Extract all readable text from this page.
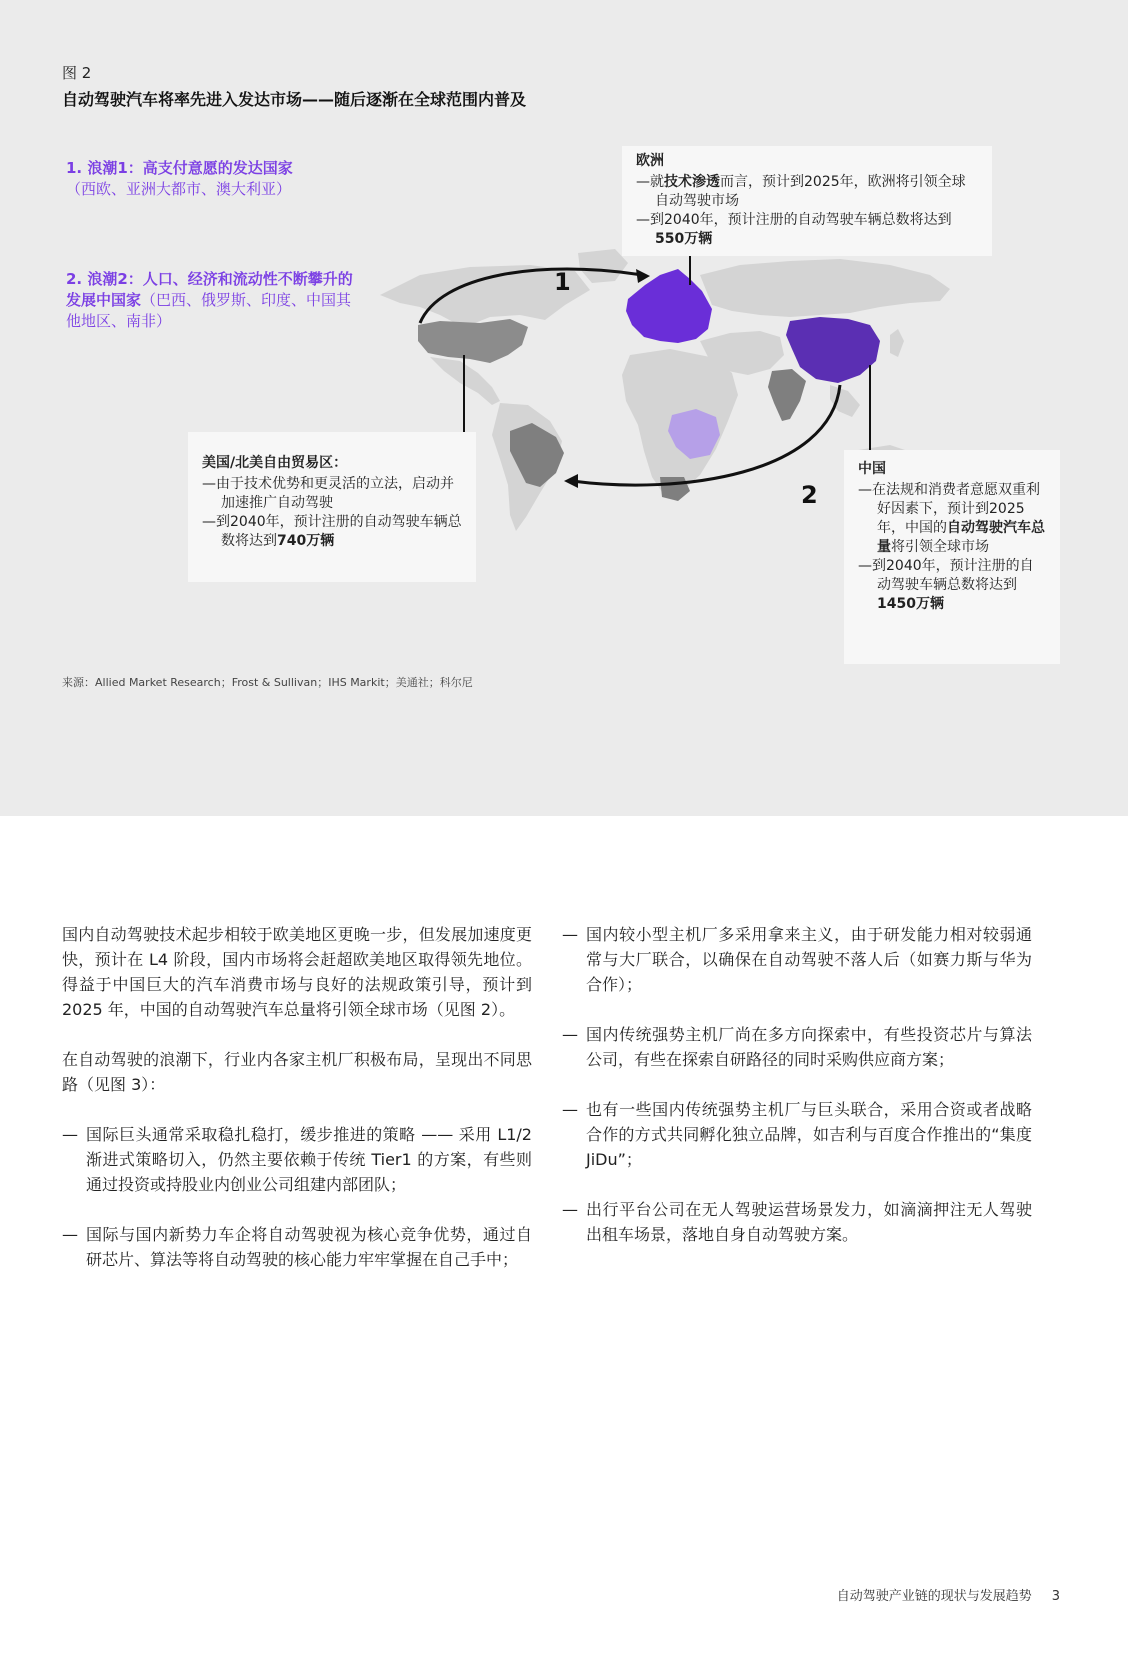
图 2
自动驾驶汽车将率先进入发达市场——随后逐渐在全球范围内普及
1. 浪潮1：高支付意愿的发达国家
（西欧、亚洲大都市、澳大利亚）
2. 浪潮2：人口、经济和流动性不断攀升的发展中国家（巴西、俄罗斯、印度、中国其他地区、南非）
1
2
欧洲
—就技术渗透而言，预计到2025年，欧洲将引领全球自动驾驶市场
—到2040年，预计注册的自动驾驶车辆总数将达到550万辆
美国/北美自由贸易区：
—由于技术优势和更灵活的立法，启动并加速推广自动驾驶
—到2040年，预计注册的自动驾驶车辆总数将达到740万辆
中国
—在法规和消费者意愿双重利好因素下，预计到2025年，中国的自动驾驶汽车总量将引领全球市场
—到2040年，预计注册的自动驾驶车辆总数将达到1450万辆
来源：Allied Market Research；Frost & Sullivan；IHS Markit；美通社；科尔尼

国内自动驾驶技术起步相较于欧美地区更晚一步，但发展加速度更快，预计在 L4 阶段，国内市场将会赶超欧美地区取得领先地位。得益于中国巨大的汽车消费市场与良好的法规政策引导，预计到 2025 年，中国的自动驾驶汽车总量将引领全球市场（见图 2）。

在自动驾驶的浪潮下，行业内各家主机厂积极布局，呈现出不同思路（见图 3）：

— 国际巨头通常采取稳扎稳打，缓步推进的策略 —— 采用 L1/2 渐进式策略切入，仍然主要依赖于传统 Tier1 的方案，有些则通过投资或持股业内创业公司组建内部团队；
— 国际与国内新势力车企将自动驾驶视为核心竞争优势，通过自研芯片、算法等将自动驾驶的核心能力牢牢掌握在自己手中；
— 国内较小型主机厂多采用拿来主义，由于研发能力相对较弱通常与大厂联合，以确保在自动驾驶不落人后（如赛力斯与华为合作）；
— 国内传统强势主机厂尚在多方向探索中，有些投资芯片与算法公司，有些在探索自研路径的同时采购供应商方案；
— 也有一些国内传统强势主机厂与巨头联合，采用合资或者战略合作的方式共同孵化独立品牌，如吉利与百度合作推出的“集度 JiDu”；
— 出行平台公司在无人驾驶运营场景发力，如滴滴押注无人驾驶出租车场景，落地自身自动驾驶方案。
自动驾驶产业链的现状与发展趋势 3
